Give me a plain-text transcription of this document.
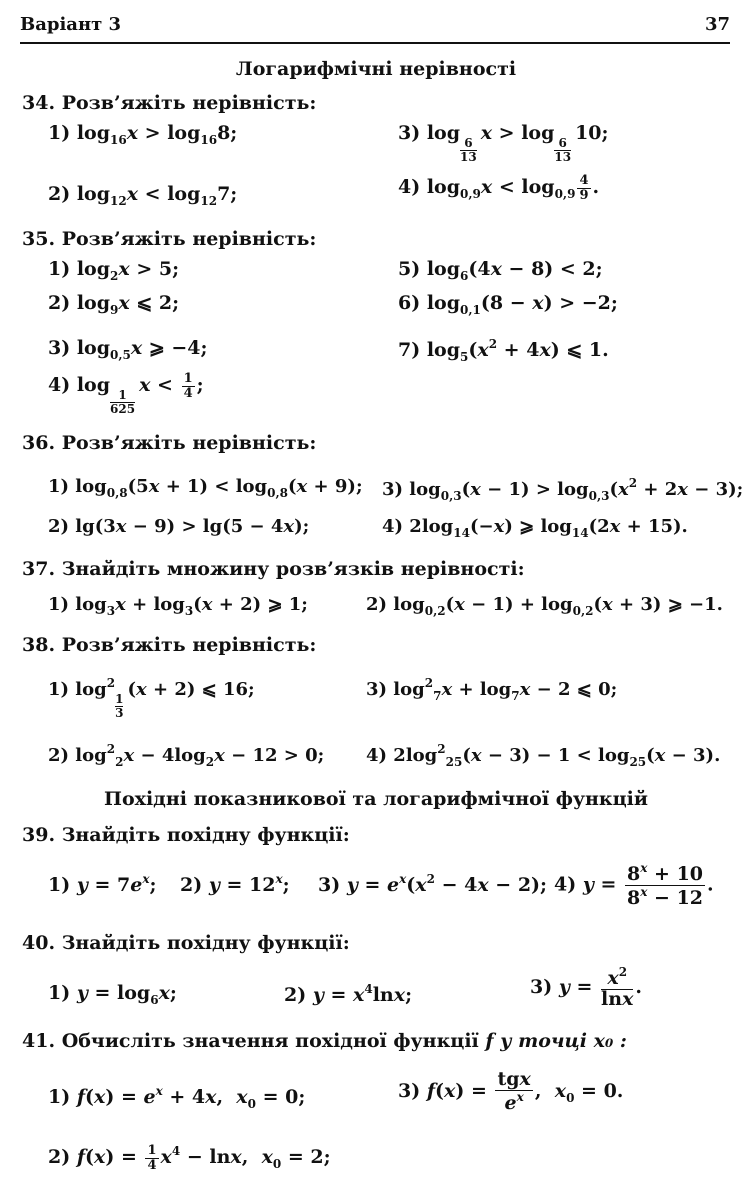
Варіант 3	37
Логарифмічні нерівності
34. Розв’яжіть нерівність:
1) $\log_{16}x > \log_{16}8$;	3) log
$\frac{6}{13}$
x > log
$\frac{6}{13}$
10;
2) $\log_{12}x < \log_{12}7$;	4) $\log_{0,9}x < \log_{0,9} \frac{4}{9}$ .
35. Розв’яжіть нерівність:
1) $\log_2x > 5$;	5) $\log_6(4x - 8) < 2$;
2) $\log_9x$ ⩽ 2;	6) $\log_{0,1}(8 - x) > -2$;
3) $\log_{0,5}x$ ⩾ −4;	7) $\log_5(x^2 + 4x)$ ⩽ 1.
4) log
$\frac{1}{625}$
$x < \frac{1}{4}$ ;
36. Розв’яжіть нерівність:
1) $\log_{0,8}(5x + 1) < \log_{0,8}(x + 9)$; 3) $\log_{0,3}(x - 1) > \log_{0,3}(x^2 + 2x - 3)$;
2) lg(3x − 9) > lg(5 − 4x);	4) $2\log_{14}(-x)$ ⩾ $\log_{14}(2x + 15)$.
37. Знайдіть множину розв’язків нерівності:
1) $\log_3x + \log_3(x + 2)$ ⩾ 1;	2) $\log_{0,2}(x - 1) + \log_{0,2}(x + 3)$ ⩾ −1.
38. Розв’яжіть нерівність:
1) $\log^2$
$\frac{1}{3}$
(x + 2) ⩽ 16;	3) $\log^2_7x + \log_7x - 2$ ⩽ 0;
2) $\log^2_2x - 4\log_2x - 12 > 0$; 4) $2\log^2_{25}(x - 3) - 1 < \log_{25}(x - 3)$.
Похідні показникової та логарифмічної функцій
39. Знайдіть похідну функції:
1) $y = 7e^x$; 2) $y = 12^x$; 3) $y = e^x(x^2 - 4x - 2)$; 4) $y = \frac{8^x + 10}{8^x - 12}$ .
40. Знайдіть похідну функції:
1) $y = \log_6x$;	2) $y = x^4\ln x$;	3) $y = \frac{x^2}{\ln x}$ .
41. Обчисліть значення похідної функції f у точці x₀ :
1) $f(x) = e^x + 4x$,  $x_0 = 0$;	3) $f(x) = \frac{\text{tgx}}{e^x}$ ,  $x_0 = 0$.
2) $f(x) = \frac{1}{4} x^4 - \ln x$,  $x_0 = 2$;
